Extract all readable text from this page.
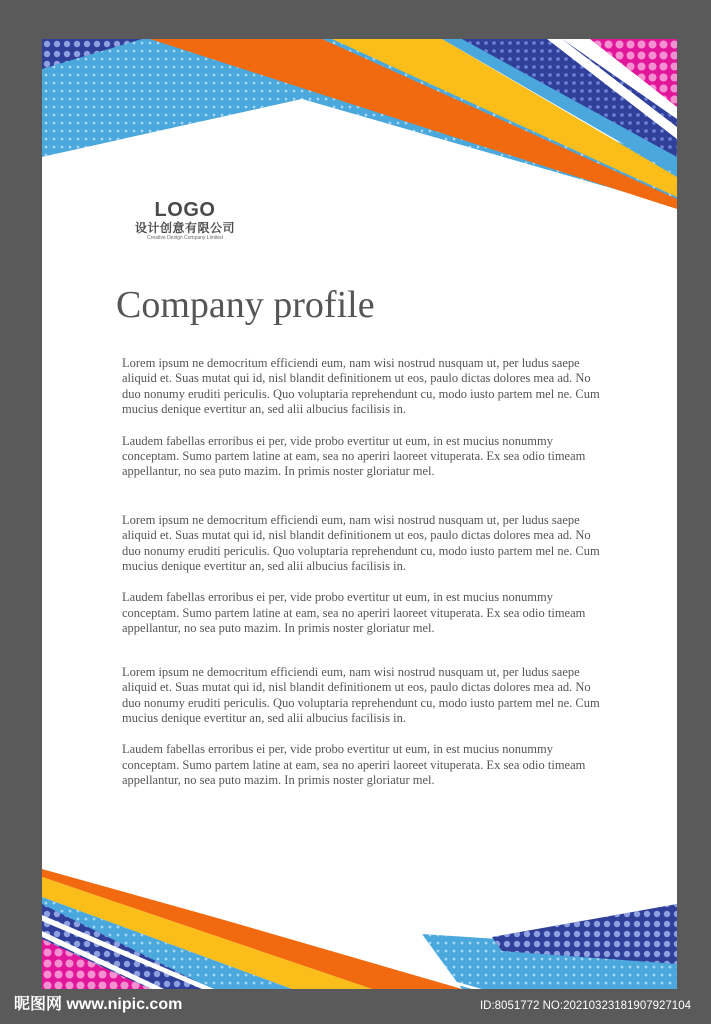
LOGO
设计创意有限公司
Creative Design Company Limited
Company profile

Lorem ipsum ne democritum efficiendi eum, nam wisi nostrud nusquam ut, per ludus saepe aliquid et. Suas mutat qui id, nisl blandit definitionem ut eos, paulo dictas dolores mea ad. No duo nonumy eruditi periculis. Quo voluptaria reprehendunt cu, modo iusto partem mel ne. Cum mucius denique evertitur an, sed alii albucius facilisis in.

Laudem fabellas erroribus ei per, vide probo evertitur ut eum, in est mucius nonummy conceptam. Sumo partem latine at eam, sea no aperiri laoreet vituperata. Ex sea odio timeam appellantur, no sea puto mazim. In primis noster gloriatur mel.

Lorem ipsum ne democritum efficiendi eum, nam wisi nostrud nusquam ut, per ludus saepe aliquid et. Suas mutat qui id, nisl blandit definitionem ut eos, paulo dictas dolores mea ad. No duo nonumy eruditi periculis. Quo voluptaria reprehendunt cu, modo iusto partem mel ne. Cum mucius denique evertitur an, sed alii albucius facilisis in.

Laudem fabellas erroribus ei per, vide probo evertitur ut eum, in est mucius nonummy conceptam. Sumo partem latine at eam, sea no aperiri laoreet vituperata. Ex sea odio timeam appellantur, no sea puto mazim. In primis noster gloriatur mel.

Lorem ipsum ne democritum efficiendi eum, nam wisi nostrud nusquam ut, per ludus saepe aliquid et. Suas mutat qui id, nisl blandit definitionem ut eos, paulo dictas dolores mea ad. No duo nonumy eruditi periculis. Quo voluptaria reprehendunt cu, modo iusto partem mel ne. Cum mucius denique evertitur an, sed alii albucius facilisis in.

Laudem fabellas erroribus ei per, vide probo evertitur ut eum, in est mucius nonummy conceptam. Sumo partem latine at eam, sea no aperiri laoreet vituperata. Ex sea odio timeam appellantur, no sea puto mazim. In primis noster gloriatur mel.

昵图网 www.nipic.com	ID:8051772 NO:20210323181907927104
